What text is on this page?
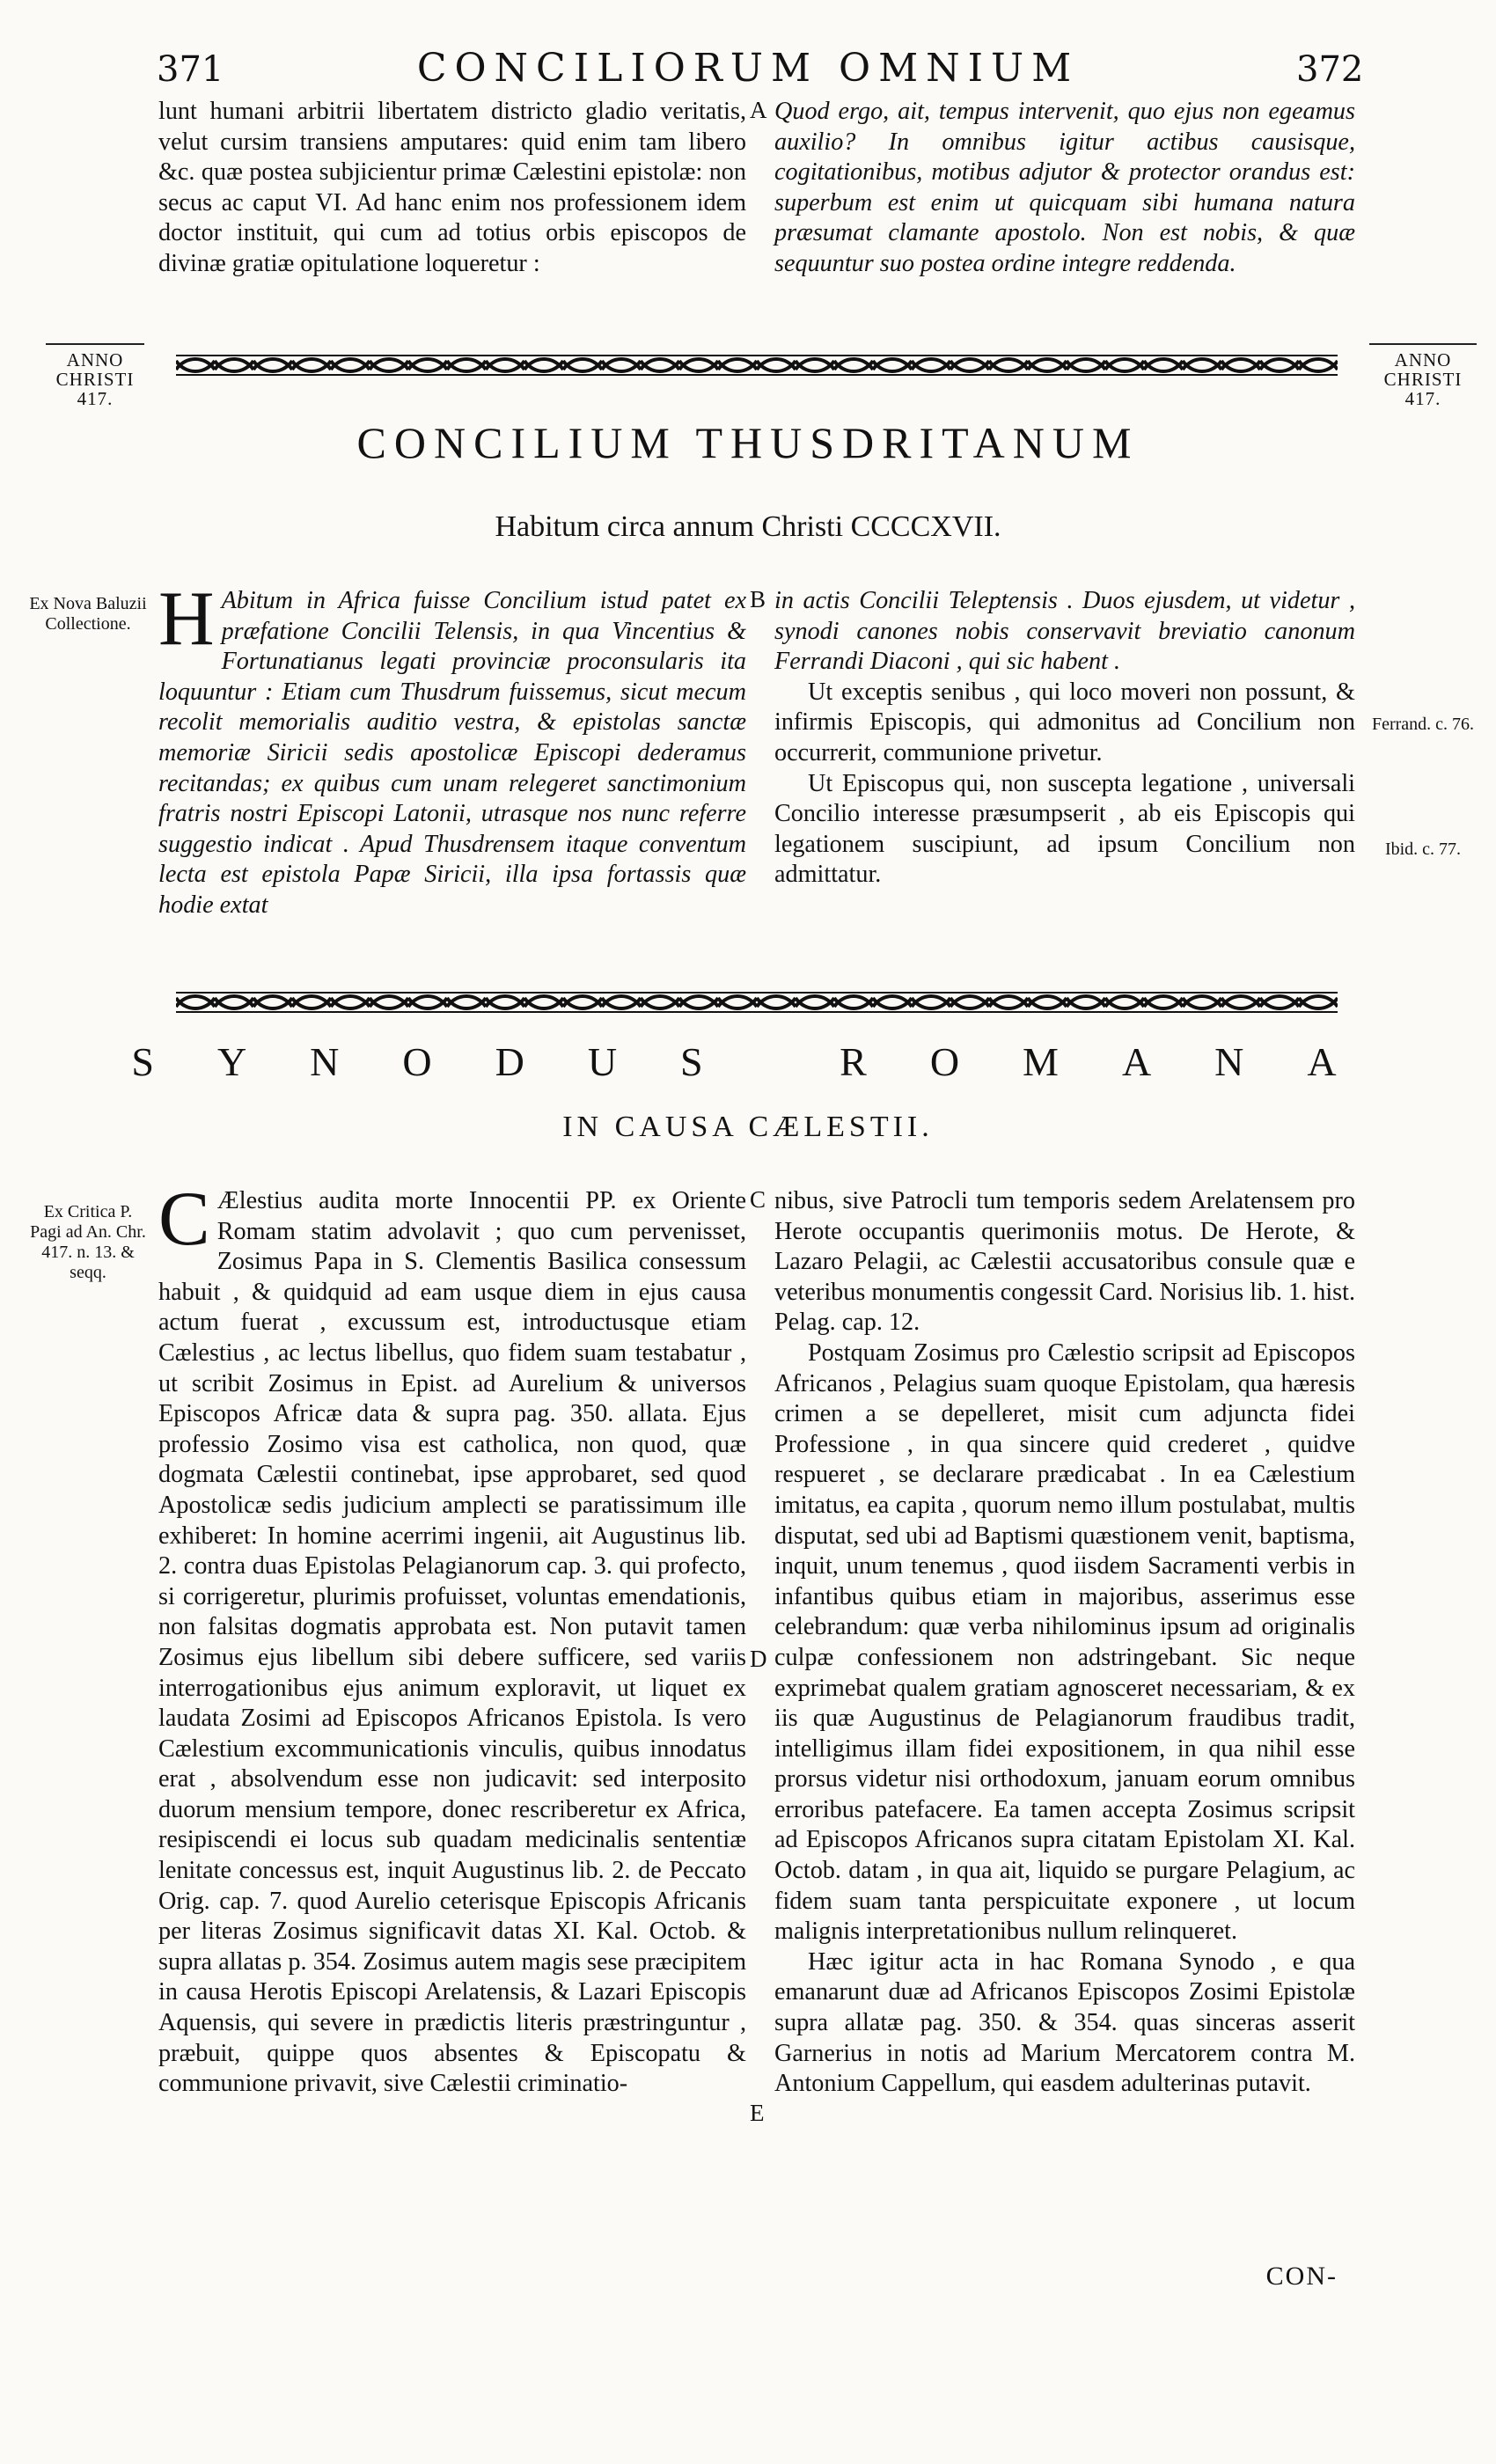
371	CONCILIORUM OMNIUM	372

lunt humani arbitrii libertatem districto gladio veritatis, velut cursim transiens amputares: quid enim tam libero &c. quæ postea subjicientur primæ Cælestini epistolæ: non secus ac caput VI. Ad hanc enim nos professionem idem doctor instituit, qui cum ad totius orbis episcopos de divinæ gratiæ opitulatione loqueretur :

A Quod ergo, ait, tempus intervenit, quo ejus non egeamus auxilio? In omnibus igitur actibus causisque, cogitationibus, motibus adjutor & protector orandus est: superbum est enim ut quicquam sibi humana natura præsumat clamante apostolo. Non est nobis, & quæ sequuntur suo postea ordine integre reddenda.

ANNO
CHRISTI
417.
ANNO
CHRISTI
417.
CONCILIUM THUSDRITANUM
Habitum circa annum Christi CCCCXVII.
Ex Nova Baluzii Collectione. H Abitum in Africa fuisse Concilium istud patet ex præfatione Concilii Telensis, in qua Vincentius & Fortunatianus legati provinciæ proconsularis ita loquuntur : Etiam cum Thusdrum fuissemus, sicut mecum recolit memorialis auditio vestra, & epistolas sanctæ memoriæ Siricii sedis apostolicæ Episcopi dederamus recitandas; ex quibus cum unam relegeret sanctimonium fratris nostri Episcopi Latonii, utrasque nos nunc referre suggestio indicat . Apud Thusdrensem itaque conventum lecta est epistola Papæ Siricii, illa ipsa fortassis quæ hodie extat

B in actis Concilii Teleptensis . Duos ejusdem, ut videtur , synodi canones nobis conservavit breviatio canonum Ferrandi Diaconi , qui sic habent .

Ut exceptis senibus , qui loco moveri non possunt, & infirmis Episcopis, qui admonitus ad Concilium non occurrerit, communione privetur.

Ut Episcopus qui, non suscepta legatione , universali Concilio interesse præsumpserit , ab eis Episcopis qui legationem suscipiunt, ad ipsum Concilium non admittatur.

Ferrand. c. 76.
Ibid. c. 77.
SYNODUS ROMANA
IN CAUSA CÆLESTII.
Ex Critica P. Pagi ad An. Chr. 417. n. 13. & seqq.
C Ælestius audita morte Innocentii PP. ex Oriente Romam statim advolavit ; quo cum pervenisset, Zosimus Papa in S. Clementis Basilica consessum habuit , & quidquid ad eam usque diem in ejus causa actum fuerat , excussum est, introductusque etiam Cælestius , ac lectus libellus, quo fidem suam testabatur , ut scribit Zosimus in Epist. ad Aurelium & universos Episcopos Africæ data & supra pag. 350. allata. Ejus professio Zosimo visa est catholica, non quod, quæ dogmata Cælestii continebat, ipse approbaret, sed quod Apostolicæ sedis judicium amplecti se paratissimum ille exhiberet: In homine acerrimi ingenii, ait Augustinus lib. 2. contra duas Epistolas Pelagianorum cap. 3. qui profecto, si corrigeretur, plurimis profuisset, voluntas emendationis, non falsitas dogmatis approbata est. Non putavit tamen Zosimus ejus libellum sibi debere sufficere, sed variis interrogationibus ejus animum exploravit, ut liquet ex laudata Zosimi ad Episcopos Africanos Epistola. Is vero Cælestium excommunicationis vinculis, quibus innodatus erat , absolvendum esse non judicavit: sed interposito duorum mensium tempore, donec rescriberetur ex Africa, resipiscendi ei locus sub quadam medicinalis sententiæ lenitate concessus est, inquit Augustinus lib. 2. de Peccato Orig. cap. 7. quod Aurelio ceterisque Episcopis Africanis per literas Zosimus significavit datas XI. Kal. Octob. & supra allatas p. 354. Zosimus autem magis sese præcipitem in causa Herotis Episcopi Arelatensis, & Lazari Episcopis Aquensis, qui severe in prædictis literis præstringuntur , præbuit, quippe quos absentes & Episcopatu & communione privavit, sive Cælestii criminatio-

C
D
E

nibus, sive Patrocli tum temporis sedem Arelatensem pro Herote occupantis querimoniis motus. De Herote, & Lazaro Pelagii, ac Cælestii accusatoribus consule quæ e veteribus monumentis congessit Card. Norisius lib. 1. hist. Pelag. cap. 12.

Postquam Zosimus pro Cælestio scripsit ad Episcopos Africanos , Pelagius suam quoque Epistolam, qua hæresis crimen a se depelleret, misit cum adjuncta fidei Professione , in qua sincere quid crederet , quidve respueret , se declarare prædicabat . In ea Cælestium imitatus, ea capita , quorum nemo illum postulabat, multis disputat, sed ubi ad Baptismi quæstionem venit, baptisma, inquit, unum tenemus , quod iisdem Sacramenti verbis in infantibus quibus etiam in majoribus, asserimus esse celebrandum: quæ verba nihilominus ipsum ad originalis culpæ confessionem non adstringebant. Sic neque exprimebat qualem gratiam agnosceret necessariam, & ex iis quæ Augustinus de Pelagianorum fraudibus tradit, intelligimus illam fidei expositionem, in qua nihil esse prorsus videtur nisi orthodoxum, januam eorum omnibus erroribus patefacere. Ea tamen accepta Zosimus scripsit ad Episcopos Africanos supra citatam Epistolam XI. Kal. Octob. datam , in qua ait, liquido se purgare Pelagium, ac fidem suam tanta perspicuitate exponere , ut locum malignis interpretationibus nullum relinqueret.

Hæc igitur acta in hac Romana Synodo , e qua emanarunt duæ ad Africanos Episcopos Zosimi Epistolæ supra allatæ pag. 350. & 354. quas sinceras asserit Garnerius in notis ad Marium Mercatorem contra M. Antonium Cappellum, qui easdem adulterinas putavit.

CON-
